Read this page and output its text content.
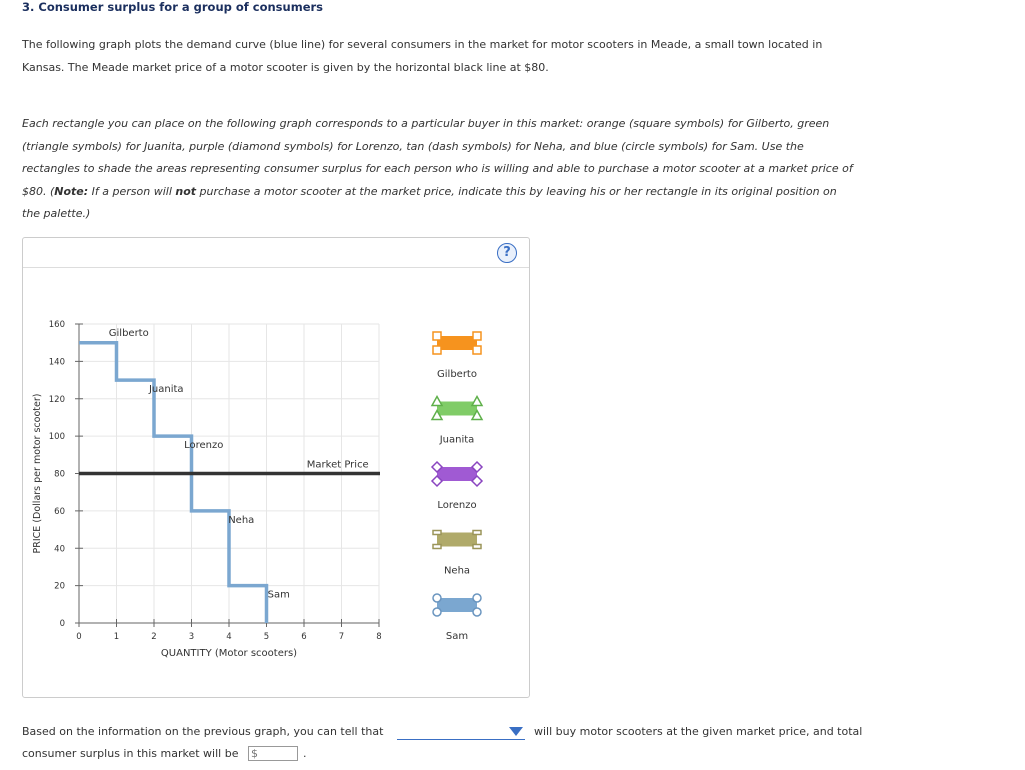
3. Consumer surplus for a group of consumers
The following graph plots the demand curve (blue line) for several consumers in the market for motor scooters in Meade, a small town located in
Kansas. The Meade market price of a motor scooter is given by the horizontal black line at $80.
Each rectangle you can place on the following graph corresponds to a particular buyer in this market: orange (square symbols) for Gilberto, green
(triangle symbols) for Juanita, purple (diamond symbols) for Lorenzo, tan (dash symbols) for Neha, and blue (circle symbols) for Sam. Use the
rectangles to shade the areas representing consumer surplus for each person who is willing and able to purchase a motor scooter at a market price of
$80. (Note: If a person will not purchase a motor scooter at the market price, indicate this by leaving his or her rectangle in its original position on
the palette.)
?
0	1	2	3	4	5	6	7	8
0
20
40
60
80
100
120
140
160
QUANTITY (Motor scooters)
PRICE (Dollars per motor scooter)	Market Price
Gilberto
Juanita
Lorenzo
Neha
Sam
Gilberto
Juanita
Lorenzo
Neha
Sam
Based on the information on the previous graph, you can tell that	will buy motor scooters at the given market price, and total
consumer surplus in this market will be
$	.
